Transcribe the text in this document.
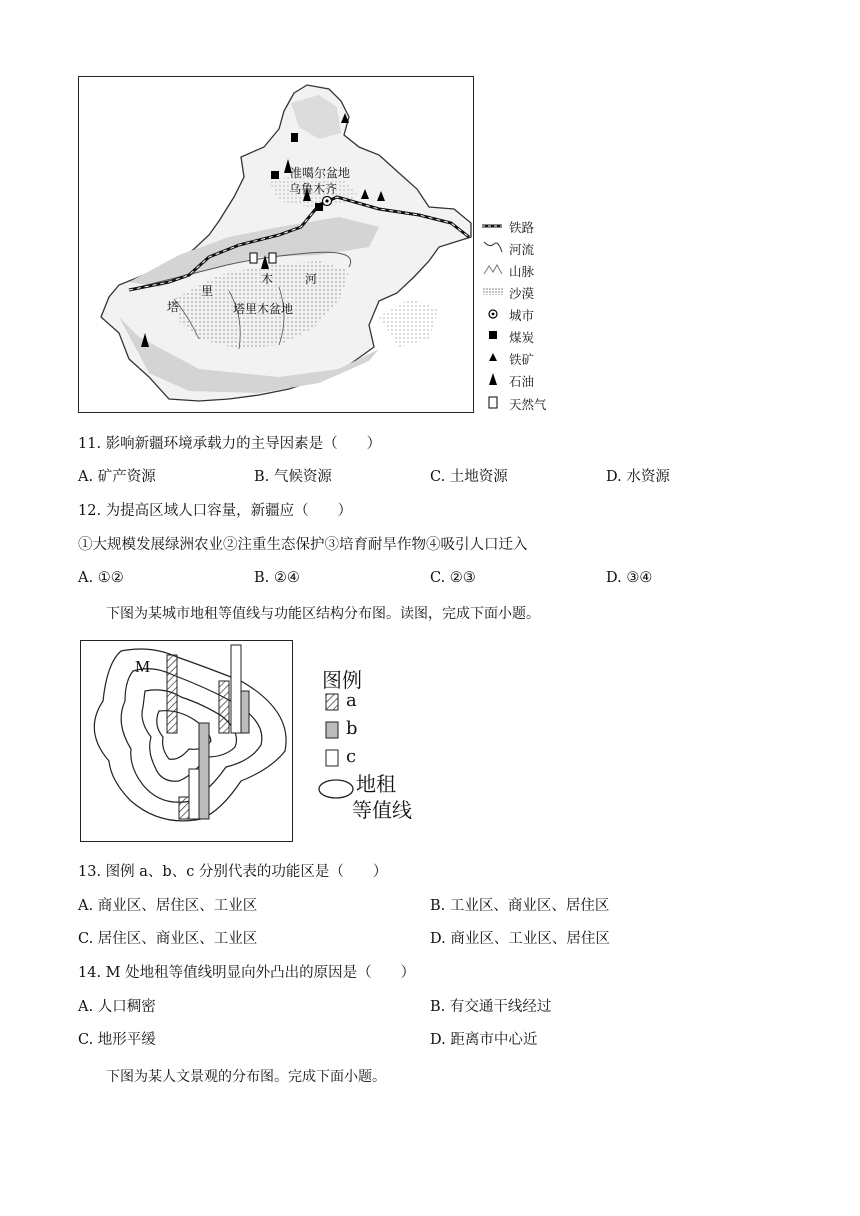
准噶尔盆地
乌鲁木齐
塔
里
木	河
塔里木盆地
铁路
河流
山脉
沙漠
城市
煤炭
铁矿
石油
天然气
11. 影响新疆环境承载力的主导因素是（　　）
A. 矿产资源	B. 气候资源	C. 土地资源	D. 水资源
12. 为提高区域人口容量，新疆应（　　）
①大规模发展绿洲农业②注重生态保护③培育耐旱作物④吸引人口迁入
A. ①②	B. ②④	C. ②③	D. ③④
下图为某城市地租等值线与功能区结构分布图。读图，完成下面小题。
M
图例
a
b
c
地租
等值线
13. 图例 a、b、c 分别代表的功能区是（　　）
A. 商业区、居住区、工业区	B. 工业区、商业区、居住区
C. 居住区、商业区、工业区	D. 商业区、工业区、居住区
14. M 处地租等值线明显向外凸出的原因是（　　）
A. 人口稠密	B. 有交通干线经过
C. 地形平缓	D. 距离市中心近
下图为某人文景观的分布图。完成下面小题。
